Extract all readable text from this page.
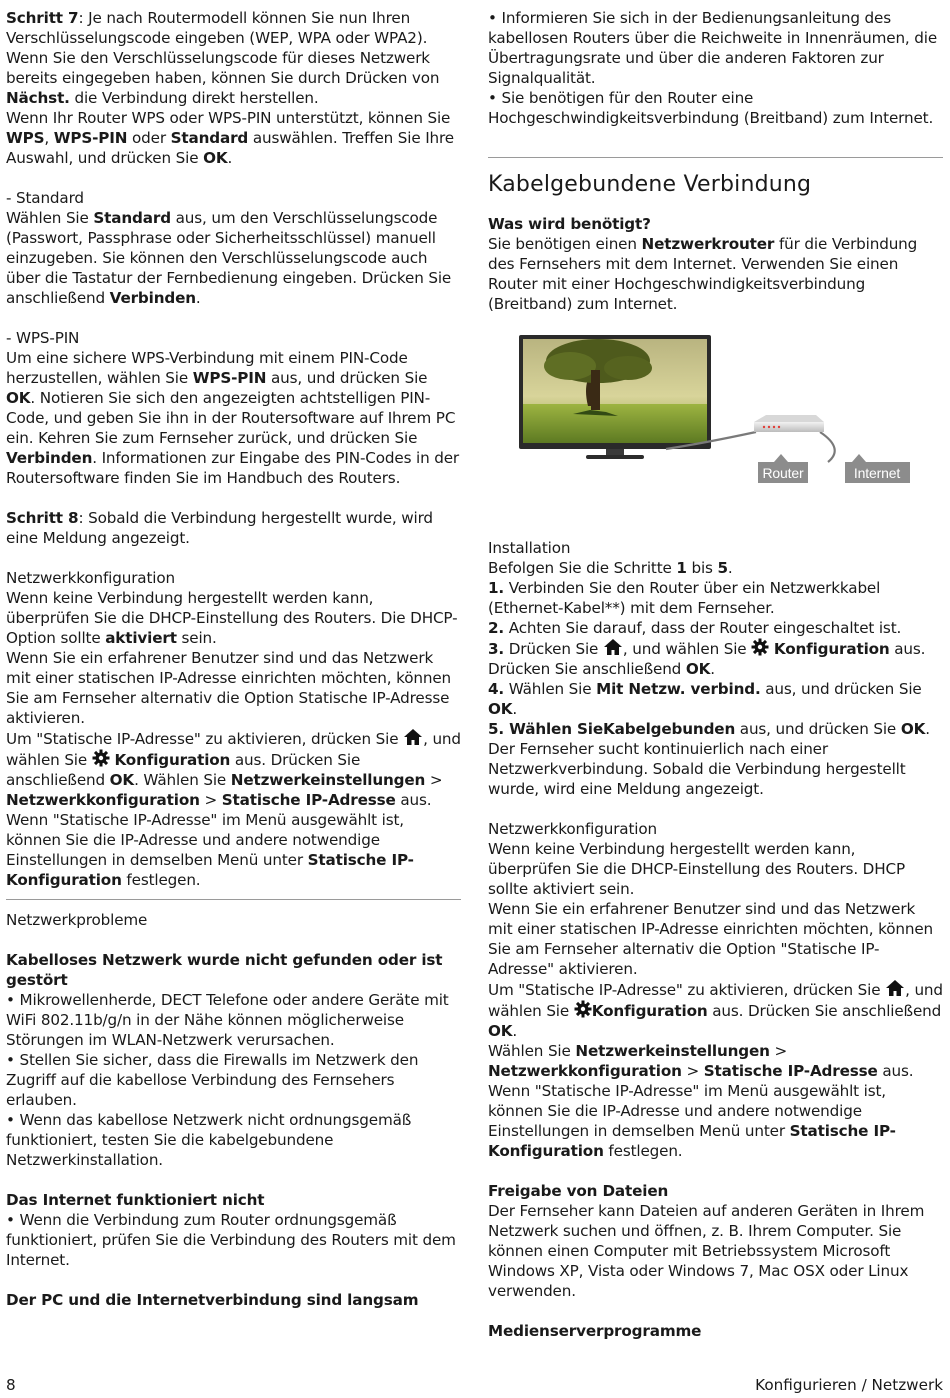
Schritt 7: Je nach Routermodell können Sie nun Ihren Verschlüsselungscode eingeben (WEP, WPA oder WPA2). Wenn Sie den Verschlüsselungscode für dieses Netzwerk bereits eingegeben haben, können Sie durch Drücken von Nächst. die Verbindung direkt herstellen.

Wenn Ihr Router WPS oder WPS-PIN unterstützt, können Sie WPS, WPS-PIN oder Standard auswählen. Treffen Sie Ihre Auswahl, und drücken Sie OK.

- Standard

Wählen Sie Standard aus, um den Verschlüsselungscode (Passwort, Passphrase oder Sicherheitsschlüssel) manuell einzugeben. Sie können den Verschlüsselungscode auch über die Tastatur der Fernbedienung eingeben. Drücken Sie anschließend Verbinden.

- WPS-PIN

Um eine sichere WPS-Verbindung mit einem PIN-Code herzustellen, wählen Sie WPS-PIN aus, und drücken Sie OK. Notieren Sie sich den angezeigten achtstelligen PIN-Code, und geben Sie ihn in der Routersoftware auf Ihrem PC ein. Kehren Sie zum Fernseher zurück, und drücken Sie Verbinden. Informationen zur Eingabe des PIN-Codes in der Routersoftware finden Sie im Handbuch des Routers.

Schritt 8: Sobald die Verbindung hergestellt wurde, wird eine Meldung angezeigt.

Netzwerkkonfiguration

Wenn keine Verbindung hergestellt werden kann, überprüfen Sie die DHCP-Einstellung des Routers. Die DHCP-Option sollte aktiviert sein.

Wenn Sie ein erfahrener Benutzer sind und das Netzwerk mit einer statischen IP-Adresse einrichten möchten, können Sie am Fernseher alternativ die Option Statische IP-Adresse aktivieren.

Um "Statische IP-Adresse" zu aktivieren, drücken Sie , und wählen Sie  Konfiguration aus. Drücken Sie anschließend OK. Wählen Sie Netzwerkeinstellungen > Netzwerkkonfiguration > Statische IP-Adresse aus. Wenn "Statische IP-Adresse" im Menü ausgewählt ist, können Sie die IP-Adresse und andere notwendige Einstellungen in demselben Menü unter Statische IP-Konfiguration festlegen.

Netzwerkprobleme

Kabelloses Netzwerk wurde nicht gefunden oder ist gestört

• Mikrowellenherde, DECT Telefone oder andere Geräte mit WiFi 802.11b/g/n in der Nähe können möglicherweise Störungen im WLAN-Netzwerk verursachen.

• Stellen Sie sicher, dass die Firewalls im Netzwerk den Zugriff auf die kabellose Verbindung des Fernsehers erlauben.

• Wenn das kabellose Netzwerk nicht ordnungsgemäß funktioniert, testen Sie die kabelgebundene Netzwerkinstallation.

Das Internet funktioniert nicht

• Wenn die Verbindung zum Router ordnungsgemäß funktioniert, prüfen Sie die Verbindung des Routers mit dem Internet.

Der PC und die Internetverbindung sind langsam

• Informieren Sie sich in der Bedienungsanleitung des kabellosen Routers über die Reichweite in Innenräumen, die Übertragungsrate und über die anderen Faktoren zur Signalqualität.

• Sie benötigen für den Router eine Hochgeschwindigkeitsverbindung (Breitband) zum Internet.

Kabelgebundene Verbindung

Was wird benötigt?

Sie benötigen einen Netzwerkrouter für die Verbindung des Fernsehers mit dem Internet. Verwenden Sie einen Router mit einer Hochgeschwindigkeitsverbindung (Breitband) zum Internet.

Router	Internet

Installation

Befolgen Sie die Schritte 1 bis 5.

1. Verbinden Sie den Router über ein Netzwerkkabel (Ethernet-Kabel**) mit dem Fernseher.

2. Achten Sie darauf, dass der Router eingeschaltet ist.

3. Drücken Sie , und wählen Sie  Konfiguration aus. Drücken Sie anschließend OK.

4. Wählen Sie Mit Netzw. verbind. aus, und drücken Sie OK.

5. Wählen SieKabelgebunden aus, und drücken Sie OK.

Der Fernseher sucht kontinuierlich nach einer Netzwerkverbindung. Sobald die Verbindung hergestellt wurde, wird eine Meldung angezeigt.

Netzwerkkonfiguration

Wenn keine Verbindung hergestellt werden kann, überprüfen Sie die DHCP-Einstellung des Routers. DHCP sollte aktiviert sein.

Wenn Sie ein erfahrener Benutzer sind und das Netzwerk mit einer statischen IP-Adresse einrichten möchten, können Sie am Fernseher alternativ die Option "Statische IP-Adresse" aktivieren.

Um "Statische IP-Adresse" zu aktivieren, drücken Sie , und wählen Sie Konfiguration aus. Drücken Sie anschließend OK.

Wählen Sie Netzwerkeinstellungen > Netzwerkkonfiguration > Statische IP-Adresse aus. Wenn "Statische IP-Adresse" im Menü ausgewählt ist, können Sie die IP-Adresse und andere notwendige Einstellungen in demselben Menü unter Statische IP-Konfiguration festlegen.

Freigabe von Dateien

Der Fernseher kann Dateien auf anderen Geräten in Ihrem Netzwerk suchen und öffnen, z. B. Ihrem Computer. Sie können einen Computer mit Betriebssystem Microsoft Windows XP, Vista oder Windows 7, Mac OSX oder Linux verwenden.

Medienserverprogramme

8	Konfigurieren / Netzwerk
